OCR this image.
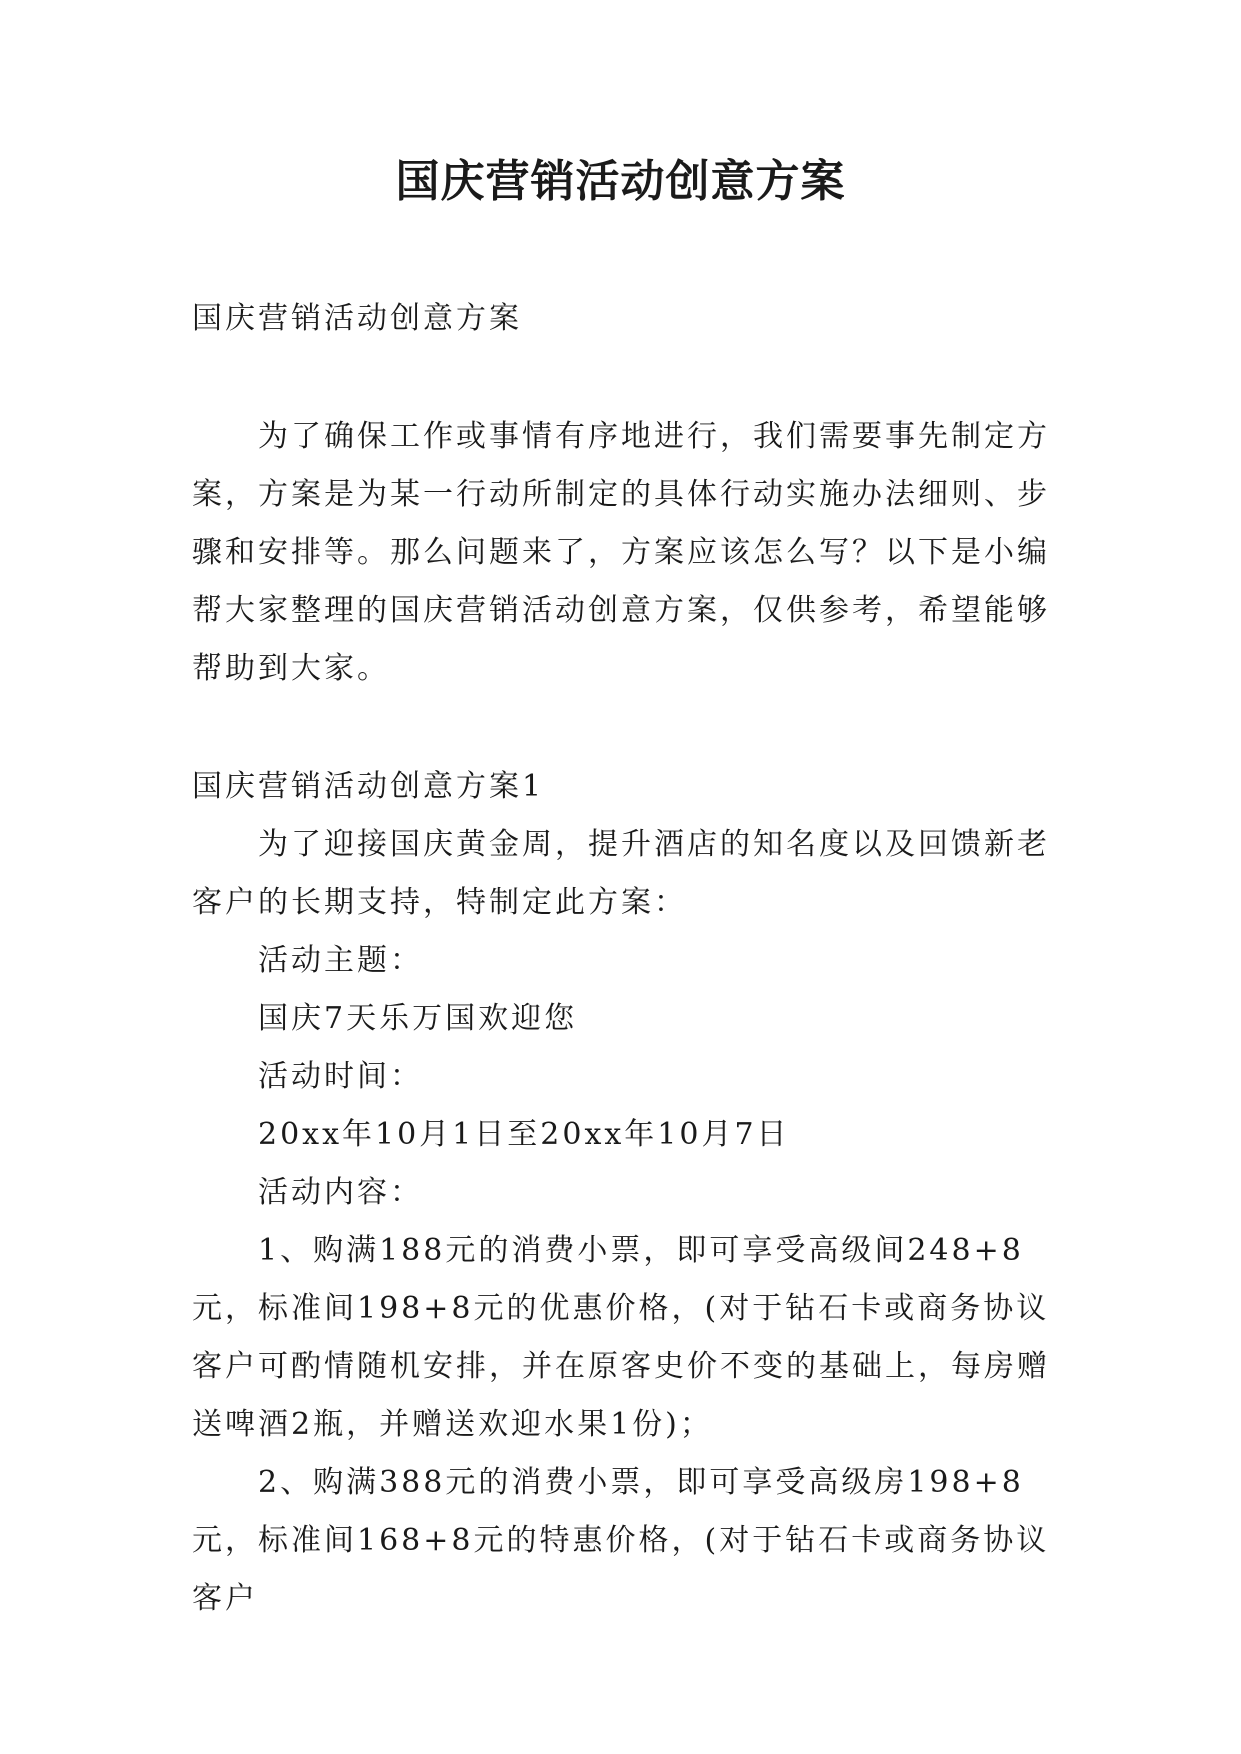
国庆营销活动创意方案

国庆营销活动创意方案

为了确保工作或事情有序地进行，我们需要事先制定方案，方案是为某一行动所制定的具体行动实施办法细则、步骤和安排等。那么问题来了，方案应该怎么写？以下是小编帮大家整理的国庆营销活动创意方案，仅供参考，希望能够帮助到大家。

国庆营销活动创意方案1

为了迎接国庆黄金周，提升酒店的知名度以及回馈新老客户的长期支持，特制定此方案：

活动主题：

国庆7天乐万国欢迎您

活动时间：

20xx年10月1日至20xx年10月7日

活动内容：

1、购满188元的消费小票，即可享受高级间248+8元，标准间198+8元的优惠价格，(对于钻石卡或商务协议客户可酌情随机安排，并在原客史价不变的基础上，每房赠送啤酒2瓶，并赠送欢迎水果1份)；

2、购满388元的消费小票，即可享受高级房198+8元，标准间168+8元的特惠价格，(对于钻石卡或商务协议客户
